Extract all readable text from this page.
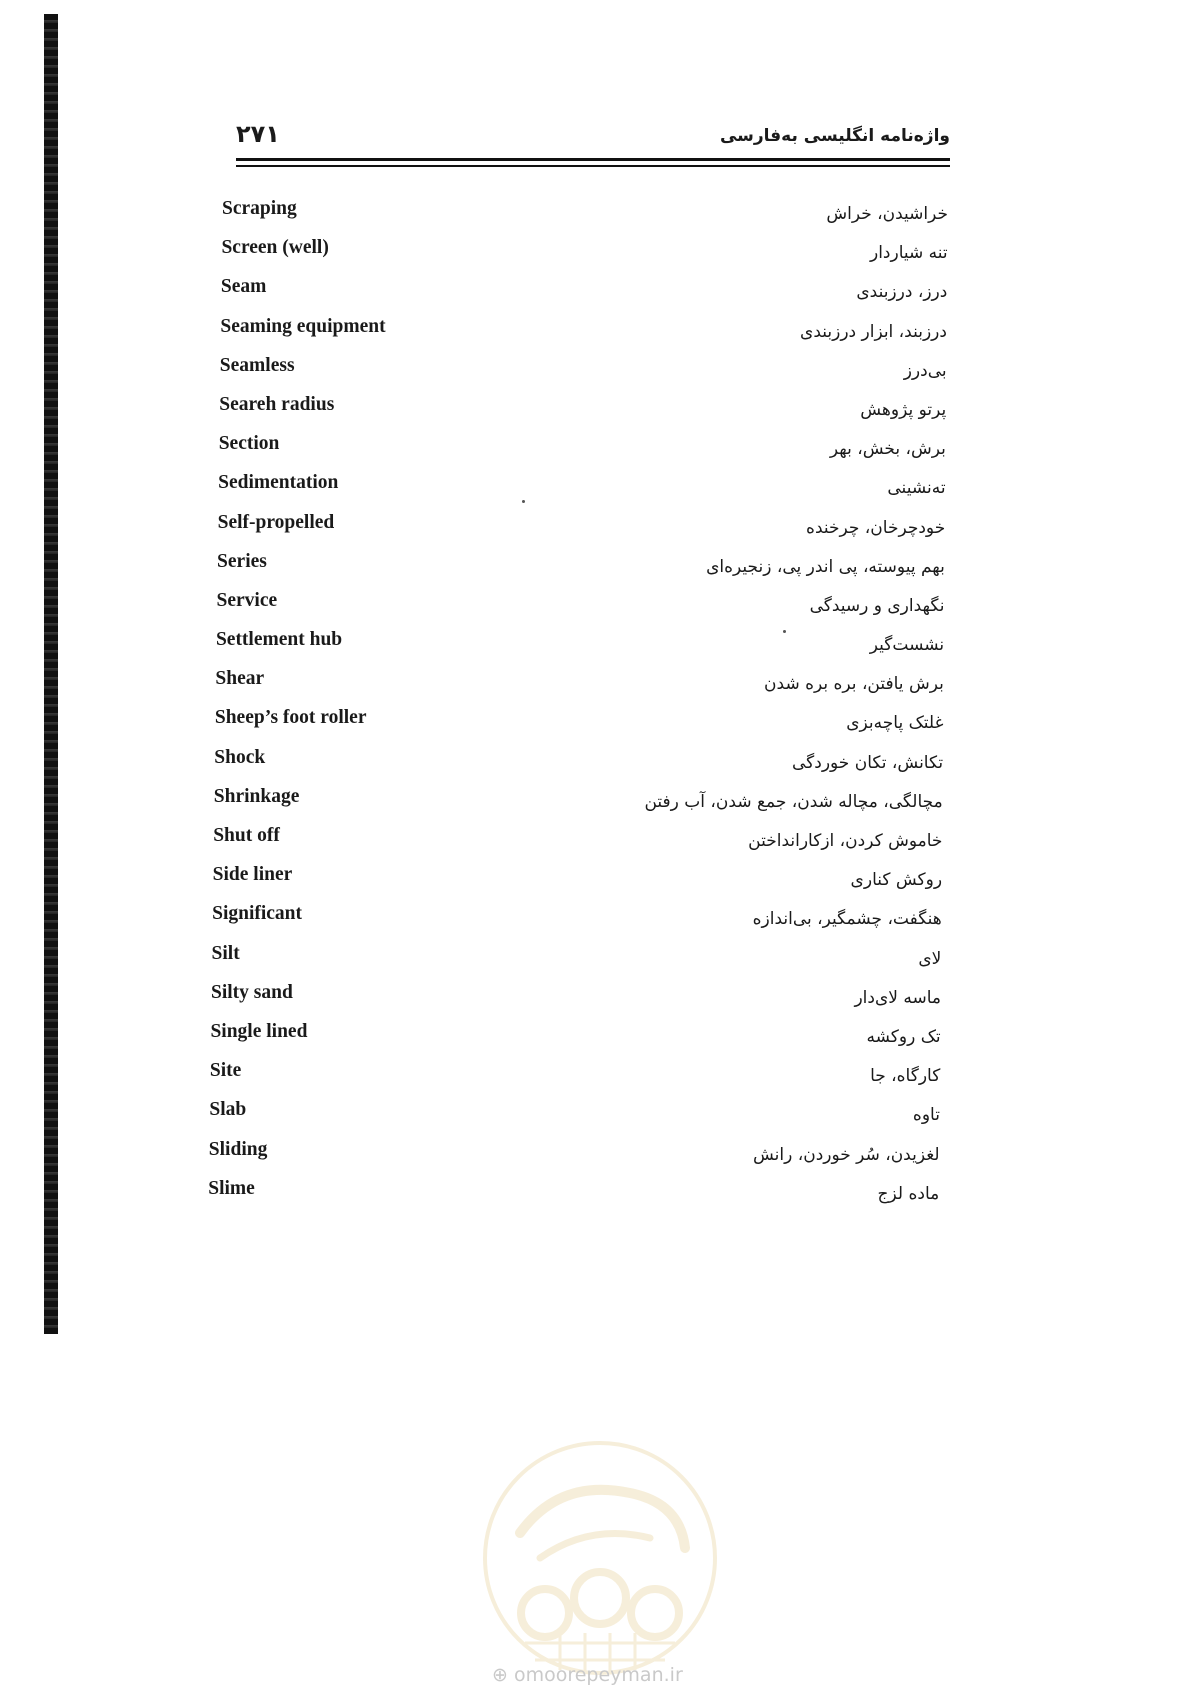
۲۷۱	واژه‌نامه انگلیسی به‌فارسی
Scraping	خراشیدن، خراش
Screen (well)	تنه شیاردار
Seam	درز، درزبندی
Seaming equipment	درزبند، ابزار درزبندی
Seamless	بی‌درز
Seareh radius	پرتو پژوهش
Section	برش، بخش، بهر
Sedimentation	ته‌نشینی
Self-propelled	خودچرخان، چرخنده
Series	بهم پیوسته، پی اندر پی، زنجیره‌ای
Service	نگهداری و رسیدگی
Settlement hub	نشست‌گیر
Shear	برش یافتن، بره بره شدن
Sheep’s foot roller	غلتک پاچه‌بزی
Shock	تکانش، تکان خوردگی
Shrinkage	مچالگی، مچاله شدن، جمع شدن، آب رفتن
Shut off	خاموش کردن، ازکارانداختن
Side liner	روکش کناری
Significant	هنگفت، چشمگیر، بی‌اندازه
Silt	لای
Silty sand	ماسه لای‌دار
Single lined	تک روکشه
Site	کارگاه، جا
Slab	تاوه
Sliding	لغزیدن، سُر خوردن، رانش
Slime	ماده لزج
⊕ omoorepeyman.ir
